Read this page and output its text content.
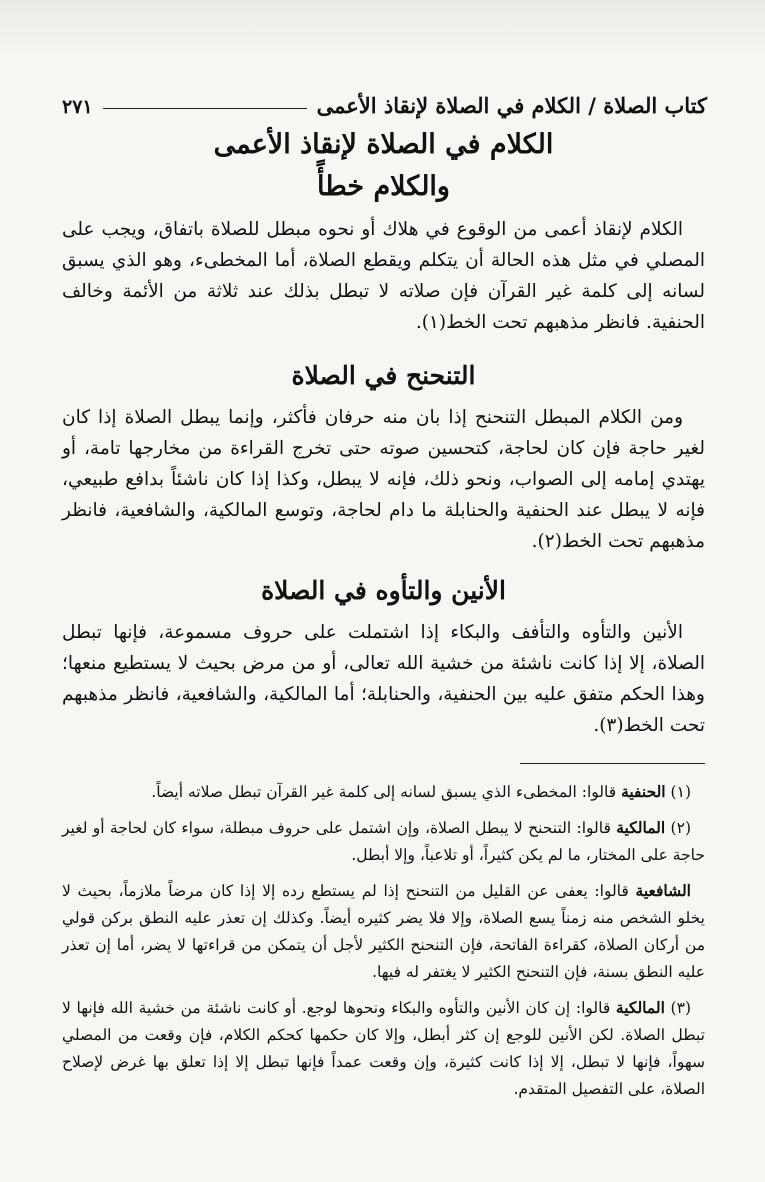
كتاب الصلاة / الكلام في الصلاة لإنقاذ الأعمى
٢٧١
الكلام في الصلاة لإنقاذ الأعمى
والكلام خطأً

الكلام لإنقاذ أعمى من الوقوع في هلاك أو نحوه مبطل للصلاة باتفاق، ويجب على المصلي في مثل هذه الحالة أن يتكلم ويقطع الصلاة، أما المخطىء، وهو الذي يسبق لسانه إلى كلمة غير القرآن فإن صلاته لا تبطل بذلك عند ثلاثة من الأئمة وخالف الحنفية. فانظر مذهبهم تحت الخط(١).

التنحنح في الصلاة

ومن الكلام المبطل التنحنح إذا بان منه حرفان فأكثر، وإنما يبطل الصلاة إذا كان لغير حاجة فإن كان لحاجة، كتحسين صوته حتى تخرج القراءة من مخارجها تامة، أو يهتدي إمامه إلى الصواب، ونحو ذلك، فإنه لا يبطل، وكذا إذا كان ناشئاً بدافع طبيعي، فإنه لا يبطل عند الحنفية والحنابلة ما دام لحاجة، وتوسع المالكية، والشافعية، فانظر مذهبهم تحت الخط(٢).

الأنين والتأوه في الصلاة

الأنين والتأوه والتأفف والبكاء إذا اشتملت على حروف مسموعة، فإنها تبطل الصلاة، إلا إذا كانت ناشئة من خشية الله تعالى، أو من مرض بحيث لا يستطيع منعها؛ وهذا الحكم متفق عليه بين الحنفية، والحنابلة؛ أما المالكية، والشافعية، فانظر مذهبهم تحت الخط(٣).

(١) الحنفية قالوا: المخطىء الذي يسبق لسانه إلى كلمة غير القرآن تبطل صلاته أيضاً.

(٢) المالكية قالوا: التنحنح لا يبطل الصلاة، وإن اشتمل على حروف مبطلة، سواء كان لحاجة أو لغير حاجة على المختار، ما لم يكن كثيراً، أو تلاعباً، وإلا أبطل.

الشافعية قالوا: يعفى عن القليل من التنحنح إذا لم يستطع رده إلا إذا كان مرضاً ملازماً، بحيث لا يخلو الشخص منه زمناً يسع الصلاة، وإلا فلا يضر كثيره أيضاً. وكذلك إن تعذر عليه النطق بركن قولي من أركان الصلاة، كقراءة الفاتحة، فإن التنحنح الكثير لأجل أن يتمكن من قراءتها لا يضر، أما إن تعذر عليه النطق بسنة، فإن التنحنح الكثير لا يغتفر له فيها.

(٣) المالكية قالوا: إن كان الأنين والتأوه والبكاء ونحوها لوجع. أو كانت ناشئة من خشية الله فإنها لا تبطل الصلاة. لكن الأنين للوجع إن كثر أبطل، وإلا كان حكمها كحكم الكلام، فإن وقعت من المصلي سهواً، فإنها لا تبطل، إلا إذا كانت كثيرة، وإن وقعت عمداً فإنها تبطل إلا إذا تعلق بها غرض لإصلاح الصلاة، على التفصيل المتقدم.
